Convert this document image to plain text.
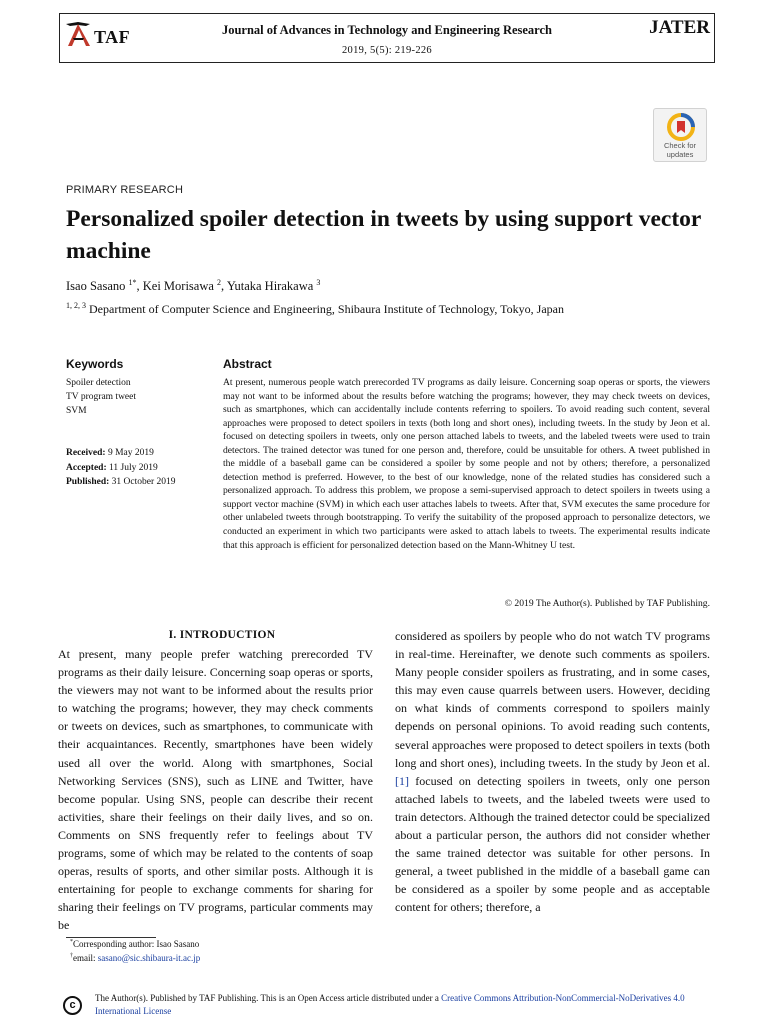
TAF	Journal of Advances in Technology and Engineering Research
2019, 5(5): 219-226
JATER
Check for
updates
PRIMARY RESEARCH
Personalized spoiler detection in tweets by using support vector machine
Isao Sasano $^{1*}$, Kei Morisawa $^2$, Yutaka Hirakawa $^3$
$^{1, 2, 3}$ Department of Computer Science and Engineering, Shibaura Institute of Technology, Tokyo, Japan
Keywords
Spoiler detection
TV program tweet
SVM
Received: 9 May 2019
Accepted: 11 July 2019
Published: 31 October 2019
Abstract
At present, numerous people watch prerecorded TV programs as daily leisure. Concerning soap operas or sports, the viewers may not want to be informed about the results before watching the programs; however, they may check tweets on devices, such as smartphones, which can accidentally include contents referring to spoilers. To avoid reading such content, several approaches were proposed to detect spoilers in texts (both long and short ones), including tweets. In the study by Jeon et al. focused on detecting spoilers in tweets, only one person attached labels to tweets, and the labeled tweets were used to train detectors. The trained detector was tuned for one person and, therefore, could be unsuitable for others. A tweet published in the middle of a baseball game can be considered a spoiler by some people and not by others; therefore, a personalized detection method is preferred. However, to the best of our knowledge, none of the related studies has considered such a personalized approach. To address this problem, we propose a semi-supervised approach to detect spoilers in tweets using a support vector machine (SVM) in which each user attaches labels to tweets. After that, SVM executes the same procedure for other unlabeled tweets through bootstrapping. To verify the suitability of the proposed approach to personalize detectors, we conducted an experiment in which two participants were asked to attach labels to tweets. The experimental results indicate that this approach is efficient for personalized detection based on the Mann-Whitney U test.
© 2019 The Author(s). Published by TAF Publishing.
I. INTRODUCTION
At present, many people prefer watching prerecorded TV programs as their daily leisure. Concerning soap operas or sports, the viewers may not want to be informed about the results prior to watching the programs; however, they may check comments or tweets on devices, such as smartphones, to communicate with their acquaintances. Recently, smartphones have been widely used all over the world. Along with smartphones, Social Networking Services (SNS), such as LINE and Twitter, have become popular. Using SNS, people can describe their recent activities, share their feelings on their daily lives, and so on. Comments on SNS frequently refer to feelings about TV programs, some of which may be related to the contents of soap operas, results of sports, and other similar posts. Although it is entertaining for people to exchange comments for sharing for sharing their feelings on TV programs, particular comments may be
considered as spoilers by people who do not watch TV programs in real-time. Hereinafter, we denote such comments as spoilers. Many people consider spoilers as frustrating, and in some cases, this may even cause quarrels between users. However, deciding on what kinds of comments correspond to spoilers mainly depends on personal opinions. To avoid reading such contents, several approaches were proposed to detect spoilers in texts (both long and short ones), including tweets. In the study by Jeon et al. [1] focused on detecting spoilers in tweets, only one person attached labels to tweets, and the labeled tweets were used to train detectors. Although the trained detector could be specialized about a particular person, the authors did not consider whether the same trained detector was suitable for other persons. In general, a tweet published in the middle of a baseball game can be considered as a spoiler by some people and as acceptable content for others; therefore, a
*Corresponding author: Isao Sasano
†email: sasano@sic.shibaura-it.ac.jp
c
The Author(s). Published by TAF Publishing. This is an Open Access article distributed under a Creative Commons Attribution-NonCommercial-NoDerivatives 4.0 International License
